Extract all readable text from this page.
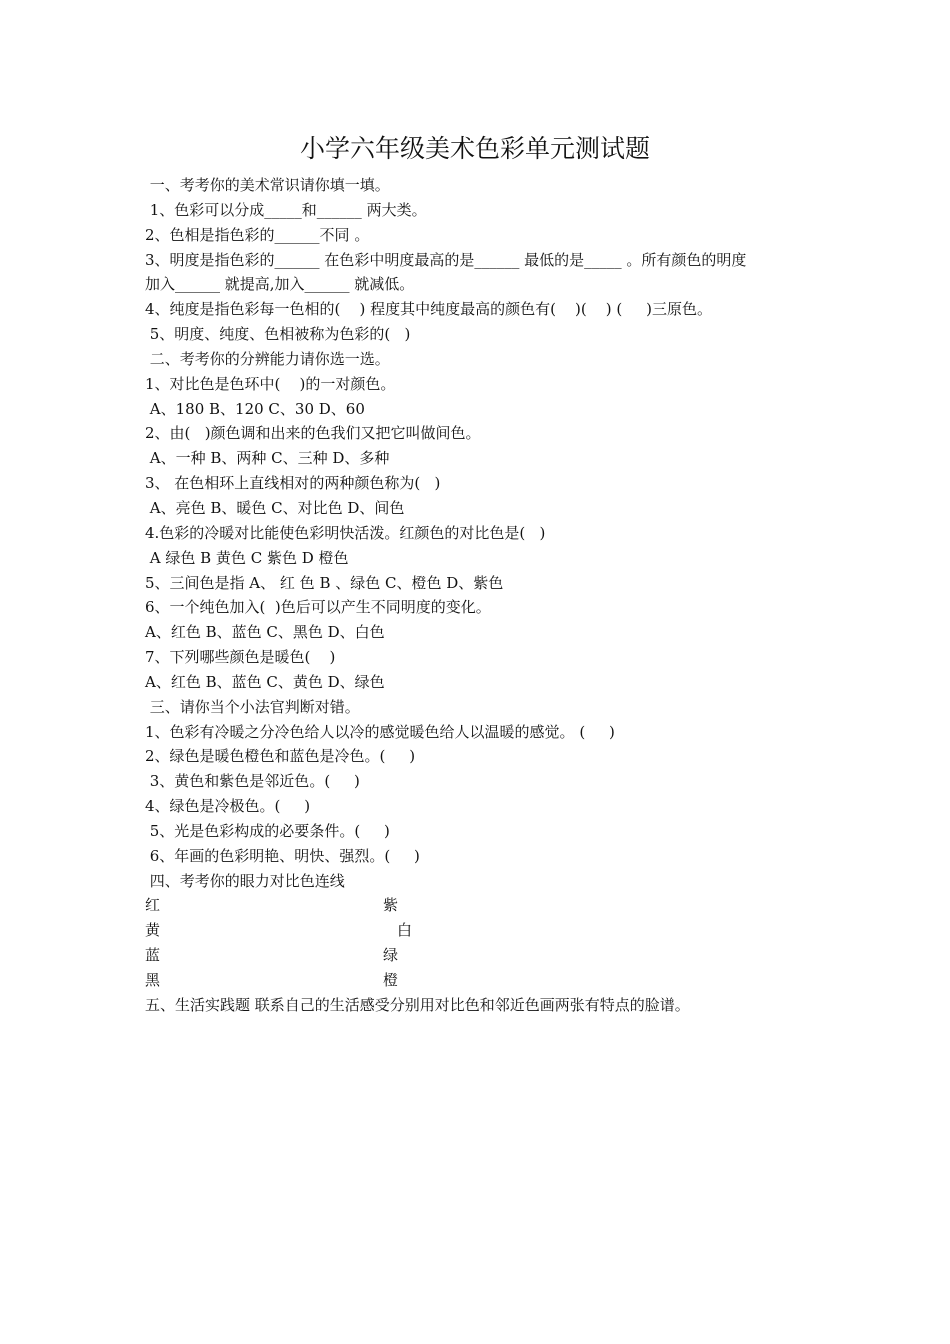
小学六年级美术色彩单元测试题
一、考考你的美术常识请你填一填。
1、色彩可以分成_____和______ 两大类。
2、色相是指色彩的______不同 。
3、明度是指色彩的______ 在色彩中明度最高的是______ 最低的是_____ 。所有颜色的明度
加入______ 就提高,加入______ 就减低。
4、纯度是指色彩每一色相的(    ) 程度其中纯度最高的颜色有(    )(    ) (     )三原色。
5、明度、纯度、色相被称为色彩的(   )
二、考考你的分辨能力请你选一选。
1、对比色是色环中(    )的一对颜色。
A、180 B、120 C、30 D、60
2、由(   )颜色调和出来的色我们又把它叫做间色。
A、一种 B、两种 C、三种 D、多种
3、 在色相环上直线相对的两种颜色称为(   )
A、亮色 B、暖色 C、对比色 D、间色
4.色彩的冷暖对比能使色彩明快活泼。红颜色的对比色是(   )
A 绿色 B 黄色 C 紫色 D 橙色
5、三间色是指 A、 红 色 B 、绿色 C、橙色 D、紫色
6、一个纯色加入(  )色后可以产生不同明度的变化。
A、红色 B、蓝色 C、黑色 D、白色
7、下列哪些颜色是暖色(    )
A、红色 B、蓝色 C、黄色 D、绿色
三、请你当个小法官判断对错。
1、色彩有冷暖之分冷色给人以冷的感觉暖色给人以温暖的感觉。 (     )
2、绿色是暖色橙色和蓝色是冷色。(     )
3、黄色和紫色是邻近色。(     )
4、绿色是冷极色。(     )
5、光是色彩构成的必要条件。(     )
6、年画的色彩明艳、明快、强烈。(     )
四、考考你的眼力对比色连线
红	紫
黄	白
蓝	绿
黑	橙
五、生活实践题 联系自己的生活感受分别用对比色和邻近色画两张有特点的脸谱。
